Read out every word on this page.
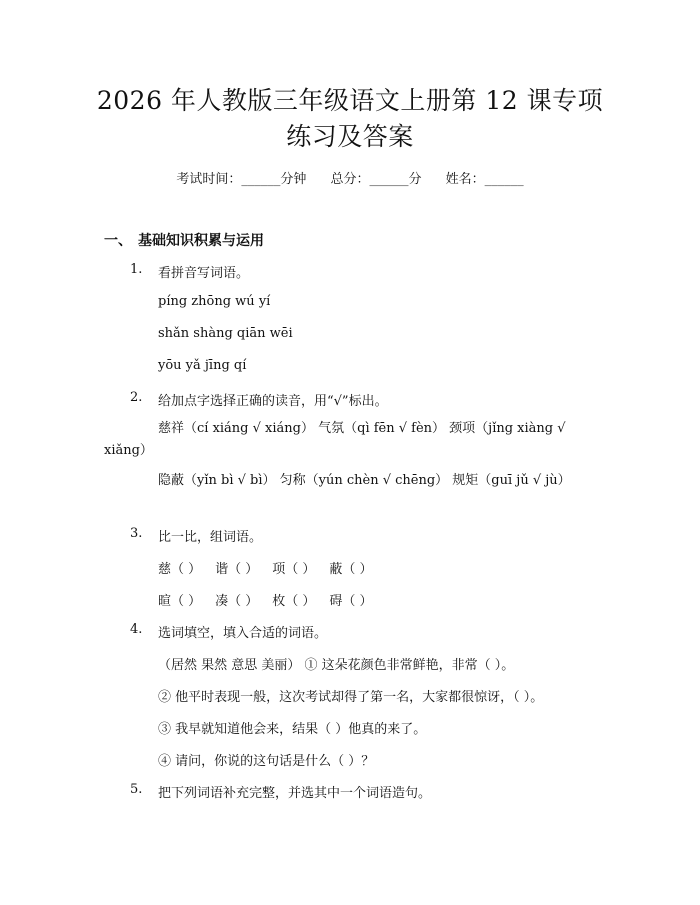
2026 年人教版三年级语文上册第 12 课专项
练习及答案
考试时间：______分钟 总分：______分 姓名：______
一、 基础知识积累与运用
1. 看拼音写词语。
píng zhōng wú yí
shǎn shàng qiān wēi
yōu yǎ jīng qí
2. 给加点字选择正确的读音，用“√”标出。
慈祥（cí xiáng √ xiáng） 气氛（qì fēn √ fèn） 颈项（jǐng xiàng √ xiǎng）
隐蔽（yǐn bì √ bì） 匀称（yún chèn √ chēng） 规矩（guī jǔ √ jù）
3. 比一比，组词语。
慈（ ） 谐（ ） 项（ ） 蔽（ ）
暄（ ） 凑（ ） 枚（ ） 碍（ ）
4. 选词填空，填入合适的词语。
（居然 果然 意思 美丽） ① 这朵花颜色非常鲜艳，非常（ ）。
② 他平时表现一般，这次考试却得了第一名，大家都很惊讶，（ ）。
③ 我早就知道他会来，结果（ ）他真的来了。
④ 请问，你说的这句话是什么（ ）？
5. 把下列词语补充完整，并选其中一个词语造句。
